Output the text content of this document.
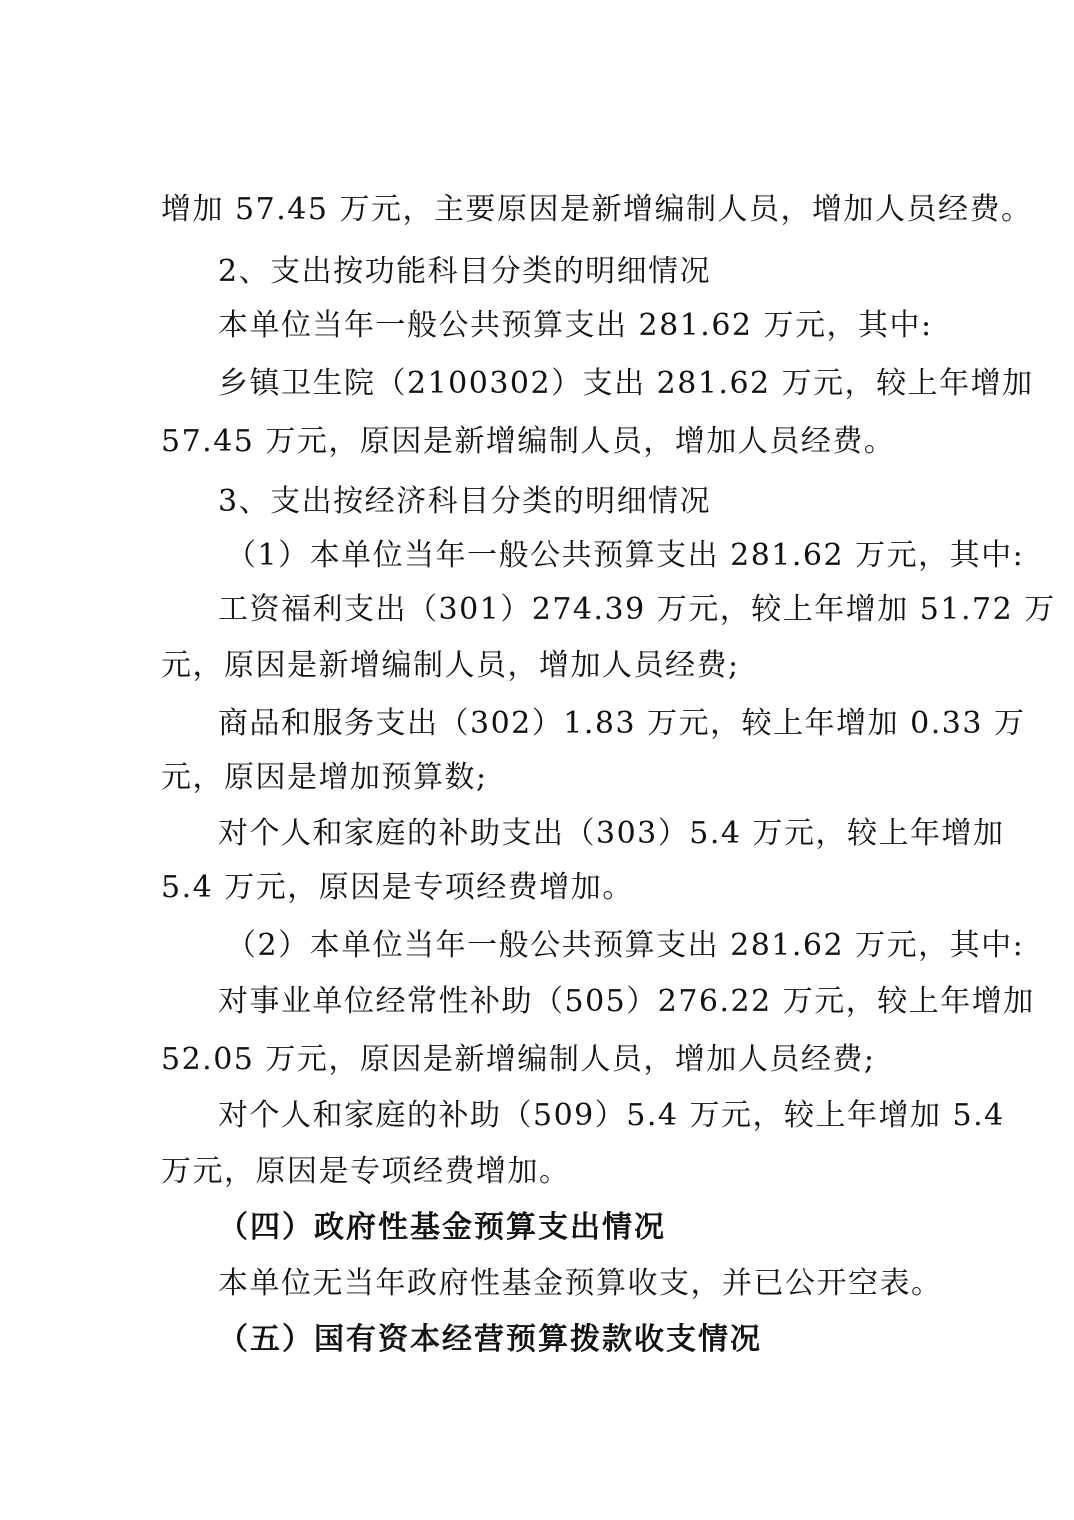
增加 57.45 万元，主要原因是新增编制人员，增加人员经费。
2、支出按功能科目分类的明细情况
本单位当年一般公共预算支出 281.62 万元，其中:
乡镇卫生院（2100302）支出 281.62 万元，较上年增加
57.45 万元，原因是新增编制人员，增加人员经费。
3、支出按经济科目分类的明细情况
（1）本单位当年一般公共预算支出 281.62 万元，其中:
工资福利支出（301）274.39 万元，较上年增加 51.72 万
元，原因是新增编制人员，增加人员经费;
商品和服务支出（302）1.83 万元，较上年增加 0.33 万
元，原因是增加预算数;
对个人和家庭的补助支出（303）5.4 万元，较上年增加
5.4 万元，原因是专项经费增加。
（2）本单位当年一般公共预算支出 281.62 万元，其中:
对事业单位经常性补助（505）276.22 万元，较上年增加
52.05 万元，原因是新增编制人员，增加人员经费;
对个人和家庭的补助（509）5.4 万元，较上年增加 5.4
万元，原因是专项经费增加。
（四）政府性基金预算支出情况
本单位无当年政府性基金预算收支，并已公开空表。
（五）国有资本经营预算拨款收支情况
